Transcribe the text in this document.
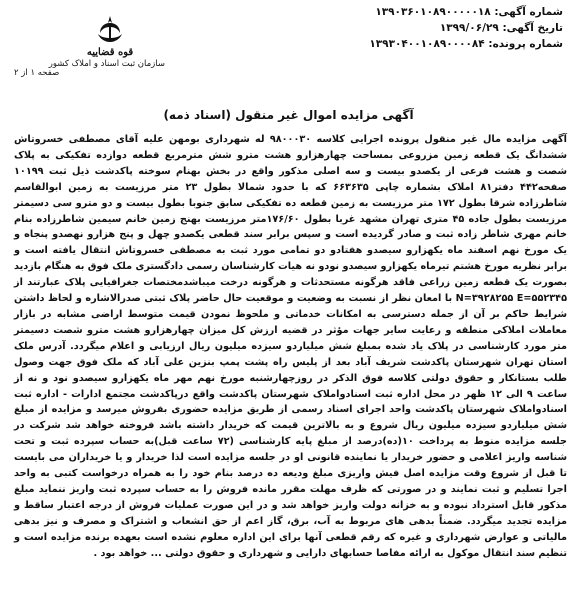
شماره آگهی: ۱۳۹۰۳۶۰۱۰۸۹۰۰۰۰۰۱۸
تاریخ آگهی: ۱۳۹۹/۰۶/۲۹
شماره پرونده: ۱۳۹۳۰۴۰۰۱۰۸۹۰۰۰۰۸۴
قوه قضاییه
سازمان ثبت اسناد و املاک کشور
صفحه ۱ از ۲
آگهی مزایده اموال غیر منقول (اسناد ذمه)

آگهی مزایده مال غیر منقول پرونده اجرایی کلاسه ۹۸۰۰۰۳۰ له شهرداری بومهن علیه آقای مصطفی خسروتاش ششدانگ یک قطعه زمین مزروعی بمساحت چهارهزارو هشت مترو شش مترمربع قطعه دوازده تفکیکی به پلاک شصت و هشت فرعی از یکصدو بیست و سه اصلی مذکور واقع در بخش بهنام سوخته پاکدشت ذیل ثبت ۱۰۱۹۹ صفحه۴۴۲ دفتر۸۱ املاک بشماره چاپی ۶۶۳۶۳۵ که با حدود شمالا بطول ۲۳ متر مرزیست به زمین ابوالقاسم شاطرزاده شرقا بطول ۱۷۲ متر مرزیست به زمین قطعه ده تفکیکی سابق جنوبا بطول بیست و دو مترو سی دسیمتر مرزیست بطول جاده ۴۵ متری تهران مشهد غربا بطول ۱۷۶/۶۰متر مرزیست بهنج زمین خانم سیمین شاطرزاده بنام خانم مهری شاطر زاده ثبت و صادر گردیده است و سپس برابر سند قطعی یکصدو چهل و پنج هزارو نهصدو پنجاه و یک مورخ نهم اسفند ماه یکهزارو سیصدو هفتادو دو تمامی مورد ثبت به مصطفی خسروتاش انتقال یافته است و برابر نظریه مورخ هشتم تیرماه یکهزارو سیصدو نودو نه هیات کارشناسان رسمی دادگستری ملک فوق به هنگام بازدید بصورت یک قطعه زمین زراعی فاقد هرگونه مستحدثات و هرگونه درخت میباشدمختصات جغرافیایی پلاک عبارتند از N=۳۹۲۸۲۵۵ E=۵۵۲۳۴۵ با امعان نظر از نسبت به وضعیت و موقعیت حال حاضر پلاک ثبتی صدرالاشاره و لحاظ داشتن شرایط حاکم بر آن از جمله دسترسی به امکانات خدماتی و ملحوظ نمودن قیمت متوسط اراضی مشابه در بازار معاملات املاکی منطقه و رعایت سایر جهات مؤثر در قضیه ارزش کل میزان چهارهزارو هشت مترو شصت دسیمتر متر مورد کارشناسی در پلاک یاد شده بمبلغ شش میلیاردو سیزده میلیون ریال ارزیابی و اعلام میگردد. آدرس ملک استان تهران شهرستان پاکدشت شریف آباد بعد از پلیس راه پشت پمپ بنزین علی آباد که ملک فوق جهت وصول طلب بستانکار و حقوق دولتی کلاسه فوق الذکر در روزچهارشنبه مورخ نهم مهر ماه یکهزارو سیصدو نود و نه از ساعت ۹ الی ۱۲ ظهر در محل اداره ثبت اسنادواملاک شهرستان پاکدشت واقع درپاکدشت مجتمع ادارات - اداره ثبت اسنادواملاک شهرستان پاکدشت واحد اجرای اسناد رسمی از طریق مزایده حضوری بفروش میرسد و مزایده از مبلغ شش میلیاردو سیزده میلیون ریال شروع و به بالاترین قیمت که خریدار داشته باشد فروخته خواهد شد شرکت در جلسه مزایده منوط به پرداخت ۱۰(ده)درصد از مبلغ پایه کارشناسی (۷۲ ساعت قبل)به حساب سپرده ثبت و تحت شناسه واریز اعلامی و حضور خریدار یا نماینده قانونی او در جلسه مزایده است لذا خریدار و یا خریداران می بایست تا قبل از شروع وقت مزایده اصل فیش واریزی مبلغ ودیعه ده درصد بنام خود را به همراه درخواست کتبی به واحد اجرا تسلیم و ثبت نمایند و در صورتی که ظرف مهلت مقرر مانده فروش را به حساب سپرده ثبت واریز ننماید مبلغ مذکور قابل استرداد نبوده و به خزانه دولت واریز خواهد شد و در این صورت عملیات فروش از درجه اعتبار ساقط و مزایده تجدید میگردد. ضمناً بدهی های مربوط به آب، برق، گاز اعم از حق انشعاب و اشتراک و مصرف و نیز بدهی مالیاتی و عوارض شهرداری و غیره که رقم قطعی آنها برای این اداره معلوم نشده است بعهده برنده مزایده است و تنظیم سند انتقال موکول به ارائه مفاصا حسابهای دارایی و شهرداری و حقوق دولتی ... خواهد بود .
